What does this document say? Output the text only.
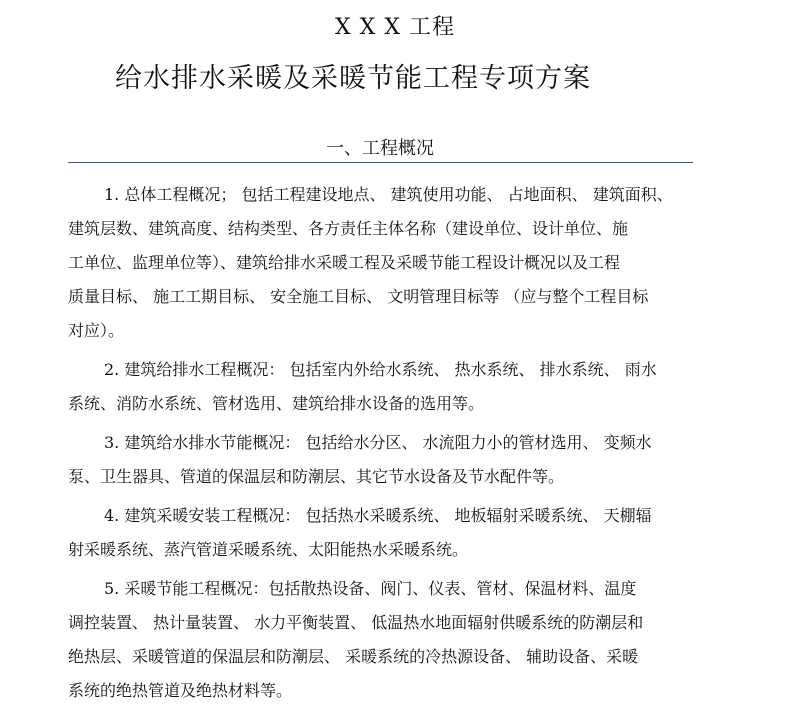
X X X 工程
给水排水采暖及采暖节能工程专项方案
一、工程概况
1. 总体工程概况； 包括工程建设地点、 建筑使用功能、 占地面积、 建筑面积、
建筑层数、建筑高度、结构类型、各方责任主体名称（建设单位、设计单位、施
工单位、监理单位等）、建筑给排水采暖工程及采暖节能工程设计概况以及工程
质量目标、 施工工期目标、 安全施工目标、 文明管理目标等 （应与整个工程目标
对应）。
2. 建筑给排水工程概况： 包括室内外给水系统、 热水系统、 排水系统、 雨水
系统、消防水系统、管材选用、建筑给排水设备的选用等。
3. 建筑给水排水节能概况： 包括给水分区、 水流阻力小的管材选用、 变频水
泵、卫生器具、管道的保温层和防潮层、其它节水设备及节水配件等。
4. 建筑采暖安装工程概况： 包括热水采暖系统、 地板辐射采暖系统、 天棚辐
射采暖系统、蒸汽管道采暖系统、太阳能热水采暖系统。
5. 采暖节能工程概况：包括散热设备、阀门、仪表、管材、保温材料、温度
调控装置、 热计量装置、 水力平衡装置、 低温热水地面辐射供暖系统的防潮层和
绝热层、采暖管道的保温层和防潮层、 采暖系统的冷热源设备、 辅助设备、采暖
系统的绝热管道及绝热材料等。
